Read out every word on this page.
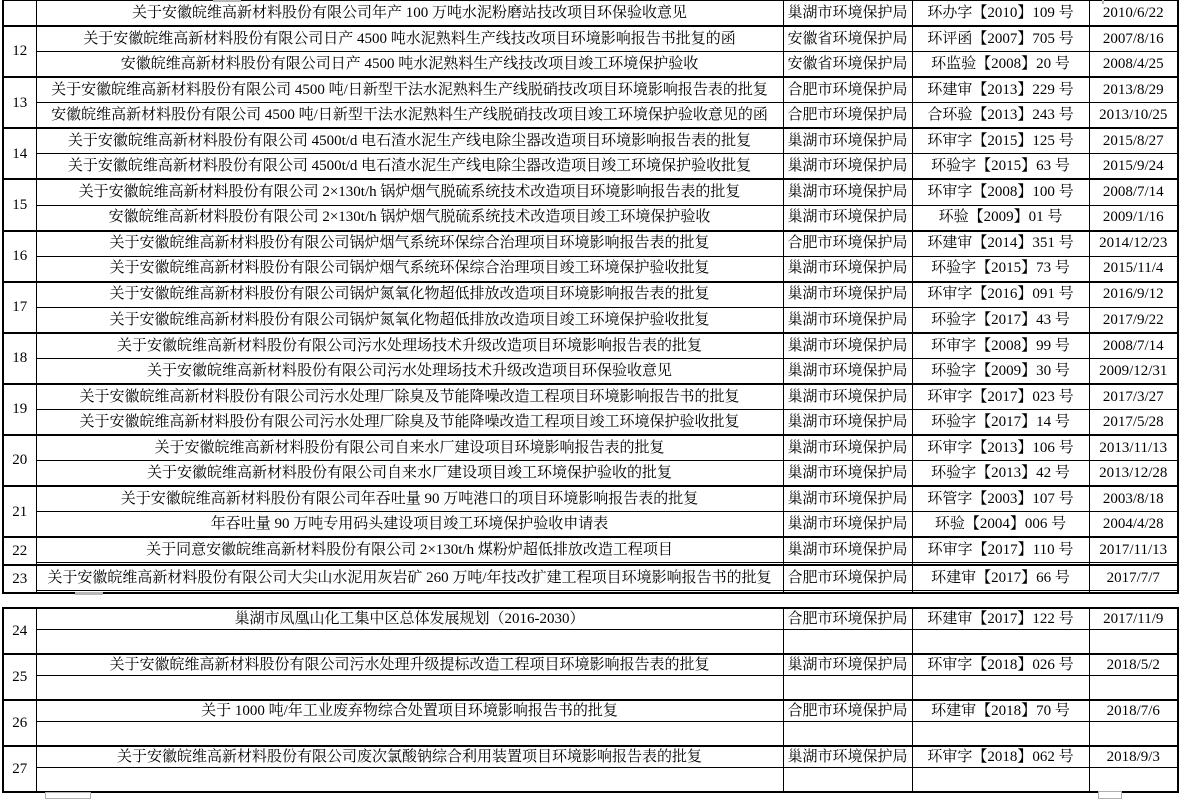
	关于安徽皖维高新材料股份有限公司年产 100 万吨水泥粉磨站技改项目环保验收意见	巢湖市环境保护局	环办字【2010】109 号	2010/6/22
12	关于安徽皖维高新材料股份有限公司日产 4500 吨水泥熟料生产线技改项目环境影响报告书批复的函	安徽省环境保护局	环评函【2007】705 号	2007/8/16
	安徽皖维高新材料股份有限公司日产 4500 吨水泥熟料生产线技改项目竣工环境保护验收	安徽省环境保护局	环监验【2008】20 号	2008/4/25
13	关于安徽皖维高新材料股份有限公司 4500 吨/日新型干法水泥熟料生产线脱硝技改项目环境影响报告表的批复	合肥市环境保护局	环建审【2013】229 号	2013/8/29
	安徽皖维高新材料股份有限公司 4500 吨/日新型干法水泥熟料生产线脱硝技改项目竣工环境保护验收意见的函	合肥市环境保护局	合环验【2013】243 号	2013/10/25
14	关于安徽皖维高新材料股份有限公司 4500t/d 电石渣水泥生产线电除尘器改造项目环境影响报告表的批复	巢湖市环境保护局	环审字【2015】125 号	2015/8/27
	关于安徽皖维高新材料股份有限公司 4500t/d 电石渣水泥生产线电除尘器改造项目竣工环境保护验收批复	巢湖市环境保护局	环验字【2015】63 号	2015/9/24
15	关于安徽皖维高新材料股份有限公司 2×130t/h 锅炉烟气脱硫系统技术改造项目环境影响报告表的批复	巢湖市环境保护局	环审字【2008】100 号	2008/7/14
	安徽皖维高新材料股份有限公司 2×130t/h 锅炉烟气脱硫系统技术改造项目竣工环境保护验收	巢湖市环境保护局	环验【2009】01 号	2009/1/16
16	关于安徽皖维高新材料股份有限公司锅炉烟气系统环保综合治理项目环境影响报告表的批复	合肥市环境保护局	环建审【2014】351 号	2014/12/23
	关于安徽皖维高新材料股份有限公司锅炉烟气系统环保综合治理项目竣工环境保护验收批复	巢湖市环境保护局	环验字【2015】73 号	2015/11/4
17	关于安徽皖维高新材料股份有限公司锅炉氮氧化物超低排放改造项目环境影响报告表的批复	巢湖市环境保护局	环审字【2016】091 号	2016/9/12
	关于安徽皖维高新材料股份有限公司锅炉氮氧化物超低排放改造项目竣工环境保护验收批复	巢湖市环境保护局	环验字【2017】43 号	2017/9/22
18	关于安徽皖维高新材料股份有限公司污水处理场技术升级改造项目环境影响报告表的批复	巢湖市环境保护局	环审字【2008】99 号	2008/7/14
	关于安徽皖维高新材料股份有限公司污水处理场技术升级改造项目环保验收意见	巢湖市环境保护局	环验字【2009】30 号	2009/12/31
19	关于安徽皖维高新材料股份有限公司污水处理厂除臭及节能降噪改造工程项目环境影响报告书的批复	巢湖市环境保护局	环审字【2017】023 号	2017/3/27
	关于安徽皖维高新材料股份有限公司污水处理厂除臭及节能降噪改造工程项目竣工环境保护验收批复	巢湖市环境保护局	环验字【2017】14 号	2017/5/28
20	关于安徽皖维高新材料股份有限公司自来水厂建设项目环境影响报告表的批复	巢湖市环境保护局	环审字【2013】106 号	2013/11/13
	关于安徽皖维高新材料股份有限公司自来水厂建设项目竣工环境保护验收的批复	巢湖市环境保护局	环验字【2013】42 号	2013/12/28
21	关于安徽皖维高新材料股份有限公司年吞吐量 90 万吨港口的项目环境影响报告表的批复	巢湖市环境保护局	环管字【2003】107 号	2003/8/18
	年吞吐量 90 万吨专用码头建设项目竣工环境保护验收申请表	巢湖市环境保护局	环验【2004】006 号	2004/4/28
22	关于同意安徽皖维高新材料股份有限公司 2×130t/h 煤粉炉超低排放改造工程项目	巢湖市环境保护局	环审字【2017】110 号	2017/11/13

23	关于安徽皖维高新材料股份有限公司大尖山水泥用灰岩矿 260 万吨/年技改扩建工程项目环境影响报告书的批复	合肥市环境保护局	环建审【2017】66 号	2017/7/7

24	巢湖市凤凰山化工集中区总体发展规划（2016-2030）	合肥市环境保护局	环建审【2017】122 号	2017/11/9

25	关于安徽皖维高新材料股份有限公司污水处理升级提标改造工程项目环境影响报告表的批复	巢湖市环境保护局	环审字【2018】026 号	2018/5/2

26	关于 1000 吨/年工业废弃物综合处置项目环境影响报告书的批复	合肥市环境保护局	环建审【2018】70 号	2018/7/6

27	关于安徽皖维高新材料股份有限公司废次氯酸钠综合利用装置项目环境影响报告表的批复	巢湖市环境保护局	环审字【2018】062 号	2018/9/3
